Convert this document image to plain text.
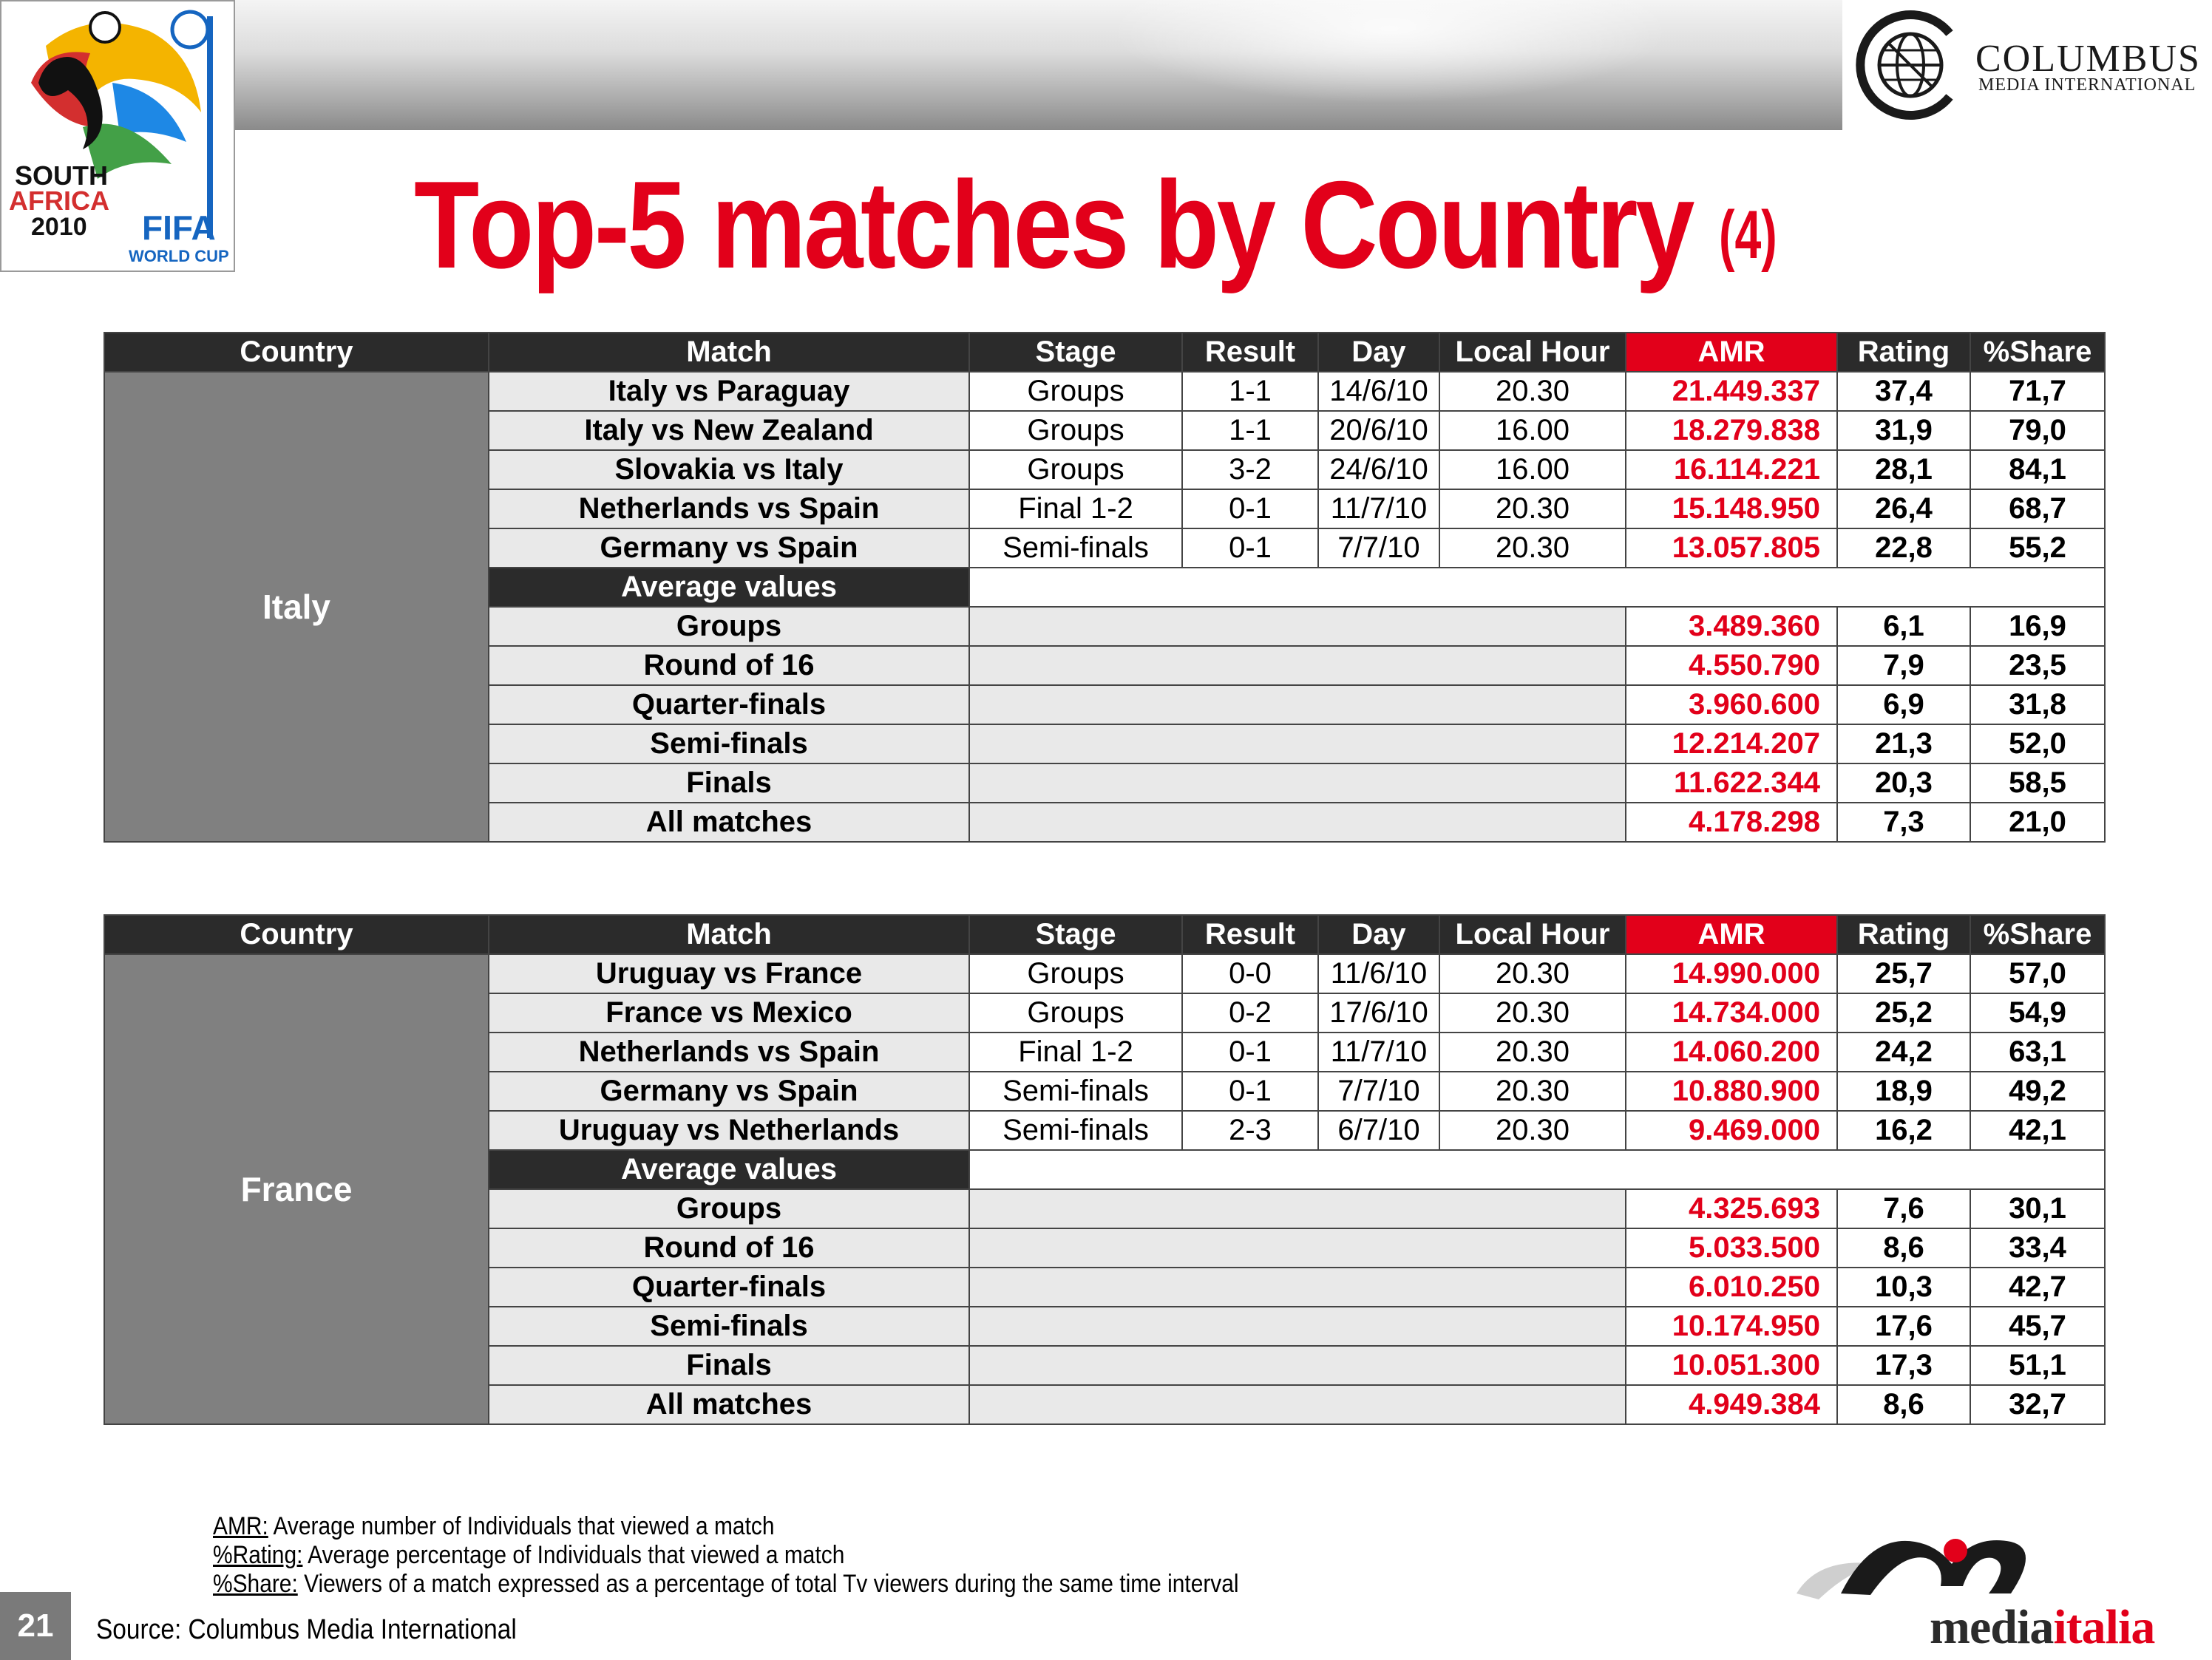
SOUTH
AFRICA
2010 FIFA
WORLD CUP
COLUMBUS
MEDIA INTERNATIONAL
Top-5 matches by Country (4)
Country	Match	Stage	Result	Day	Local Hour	AMR	Rating	%Share
Italy	Italy vs Paraguay	Groups	1-1	14/6/10	20.30	21.449.337	37,4	71,7
	Italy vs New Zealand	Groups	1-1	20/6/10	16.00	18.279.838	31,9	79,0
	Slovakia vs Italy	Groups	3-2	24/6/10	16.00	16.114.221	28,1	84,1
	Netherlands vs Spain	Final 1-2	0-1	11/7/10	20.30	15.148.950	26,4	68,7
	Germany vs Spain	Semi-finals	0-1	7/7/10	20.30	13.057.805	22,8	55,2
	Average values							
	Groups					3.489.360	6,1	16,9
	Round of 16					4.550.790	7,9	23,5
	Quarter-finals					3.960.600	6,9	31,8
	Semi-finals					12.214.207	21,3	52,0
	Finals					11.622.344	20,3	58,5
	All matches					4.178.298	7,3	21,0
Country	Match	Stage	Result	Day	Local Hour	AMR	Rating	%Share
France	Uruguay vs France	Groups	0-0	11/6/10	20.30	14.990.000	25,7	57,0
	France vs Mexico	Groups	0-2	17/6/10	20.30	14.734.000	25,2	54,9
	Netherlands vs Spain	Final 1-2	0-1	11/7/10	20.30	14.060.200	24,2	63,1
	Germany vs Spain	Semi-finals	0-1	7/7/10	20.30	10.880.900	18,9	49,2
	Uruguay vs Netherlands	Semi-finals	2-3	6/7/10	20.30	9.469.000	16,2	42,1
	Average values							
	Groups					4.325.693	7,6	30,1
	Round of 16					5.033.500	8,6	33,4
	Quarter-finals					6.010.250	10,3	42,7
	Semi-finals					10.174.950	17,6	45,7
	Finals					10.051.300	17,3	51,1
	All matches					4.949.384	8,6	32,7
AMR: Average number of Individuals that viewed a match
%Rating: Average percentage of Individuals that viewed a match
%Share: Viewers of a match expressed as a percentage of total Tv viewers during the same time interval
21	Source: Columbus Media International	mediaitalia
